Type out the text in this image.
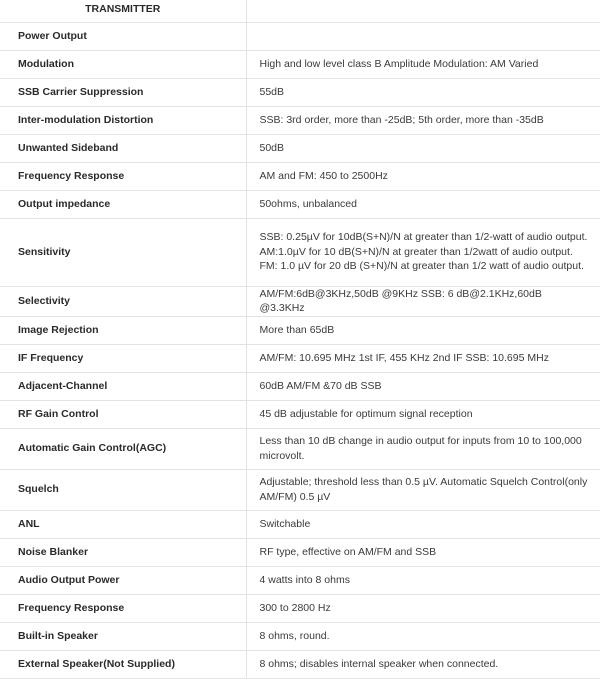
TRANSMITTER	
Power Output	
Modulation	High and low level class B Amplitude Modulation: AM Varied
SSB Carrier Suppression	55dB
Inter-modulation Distortion	SSB: 3rd order, more than -25dB; 5th order, more than -35dB
Unwanted Sideband	50dB
Frequency Response	AM and FM: 450 to 2500Hz
Output impedance	50ohms, unbalanced
Sensitivity	SSB: 0.25µV for 10dB(S+N)/N at greater than 1/2-watt of audio output. AM:1.0µV for 10 dB(S+N)/N at greater than 1/2watt of audio output. FM: 1.0 µV for 20 dB (S+N)/N at greater than 1/2 watt of audio output.
Selectivity	AM/FM:6dB@3KHz,50dB @9KHz SSB: 6 dB@2.1KHz,60dB @3.3KHz
Image Rejection	More than 65dB
IF Frequency	AM/FM: 10.695 MHz 1st IF, 455 KHz 2nd IF SSB: 10.695 MHz
Adjacent-Channel	60dB AM/FM &70 dB SSB
RF Gain Control	45 dB adjustable for optimum signal reception
Automatic Gain Control(AGC)	Less than 10 dB change in audio output for inputs from 10 to 100,000 microvolt.
Squelch	Adjustable; threshold less than 0.5 µV. Automatic Squelch Control(only AM/FM) 0.5 µV
ANL	Switchable
Noise Blanker	RF type, effective on AM/FM and SSB
Audio Output Power	4 watts into 8 ohms
Frequency Response	300 to 2800 Hz
Built-in Speaker	8 ohms, round.
External Speaker(Not Supplied)	8 ohms; disables internal speaker when connected.
